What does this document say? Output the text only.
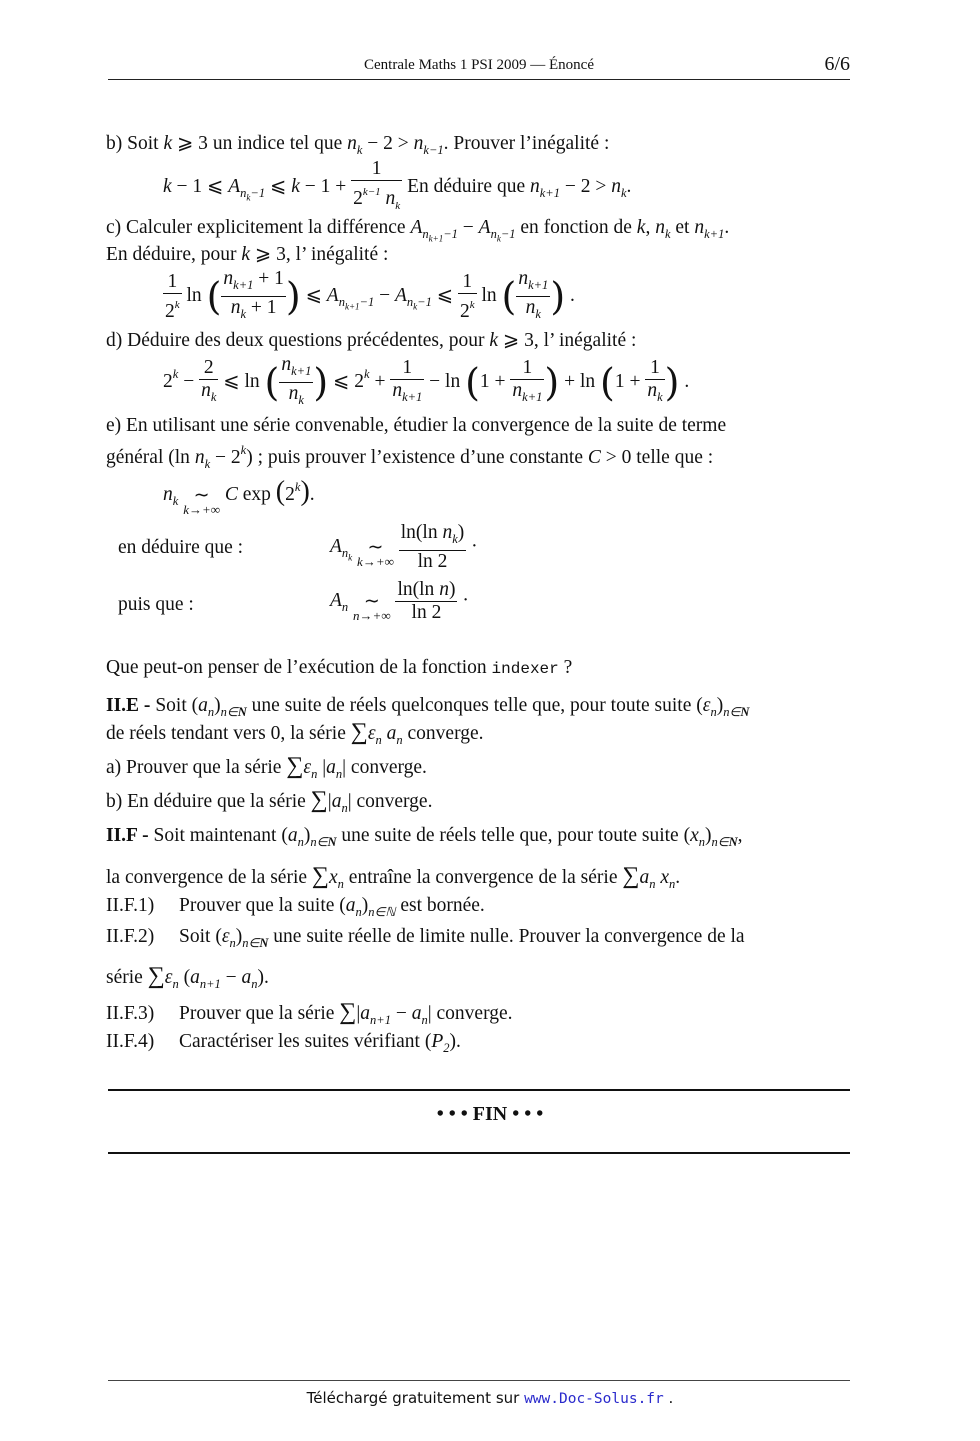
Centrale Maths 1 PSI 2009 — Énoncé	6/6
b) Soit k ⩾ 3 un indice tel que $n_k - 2 > n_{k-1}$. Prouver l’inégalité :
k − 1 ⩽ $A_{n_k-1}$ ⩽ $k - 1 + \frac{1}{2^{k-1} n_k}$ En déduire que $n_{k+1} - 2 > n_k$.
c) Calculer explicitement la différence $A_{n_{k+1}-1} - A_{n_k-1}$ en fonction de k, $n_k$ et $n_{k+1}$.
En déduire, pour k ⩾ 3, l’ inégalité :
$\frac{1}{2^k}$ ln ( $\frac{n_{k+1} + 1}{n_k + 1}$ ) ⩽ $A_{n_{k+1}-1} - A_{n_k-1}$ ⩽ $\frac{1}{2^k}$ ln ( $\frac{n_{k+1}}{n_k}$ ) .
d) Déduire des deux questions précédentes, pour k ⩾ 3, l’ inégalité :
$2^k - \frac{2}{n_k}$ ⩽ ln ( $\frac{n_{k+1}}{n_k}$ ) ⩽ $2^k + \frac{1}{n_{k+1}} - \ln (1 + \frac{1}{n_{k+1}}$ ) + $\ln (1 + \frac{1}{n_k}$ ) .
e) En utilisant une série convenable, étudier la convergence de la suite de terme
général (ln $n_k - 2^k$) ; puis prouver l’existence d’une constante C > 0 telle que :
$n_k$ ∼
k→+∞
C exp (2$^k$).
en déduire que :	$A_{n_k}$ ∼
k→+∞
$\frac{\ln(\ln n_k)}{\ln 2}$ ·
puis que :	$A_n$ ∼
n→+∞
$\frac{\text{ln(ln n)}}{\ln 2}$ ·
Que peut-on penser de l’exécution de la fonction indexer ?
II.E - Soit $(a_n)_{n\in N}$ une suite de réels quelconques telle que, pour toute suite $(\varepsilon_n)_{n\in N}$
de réels tendant vers 0, la série $\sum\varepsilon_n$ $a_n$ converge.
a) Prouver que la série $\sum\varepsilon_n$ $|a_n|$ converge.
b) En déduire que la série $\sum|a_n|$ converge.
II.F - Soit maintenant $(a_n)_{n\in N}$ une suite de réels telle que, pour toute suite $(x_n)_{n\in N}$,
la convergence de la série $\sum x_n$ entraîne la convergence de la série $\sum a_n$ $x_n$.
II.F.1) Prouver que la suite $(a_n)_{n\in ℕ}$ est bornée.
II.F.2) Soit $(\varepsilon_n)_{n\in N}$ une suite réelle de limite nulle. Prouver la convergence de la
série $\sum\varepsilon_n$ $(a_{n+1} - a_n)$.
II.F.3) Prouver que la série $\sum|a_{n+1} - a_n|$ converge.
II.F.4) Caractériser les suites vérifiant $(P_2)$.
• • • FIN • • •
Téléchargé gratuitement sur www.Doc-Solus.fr .
